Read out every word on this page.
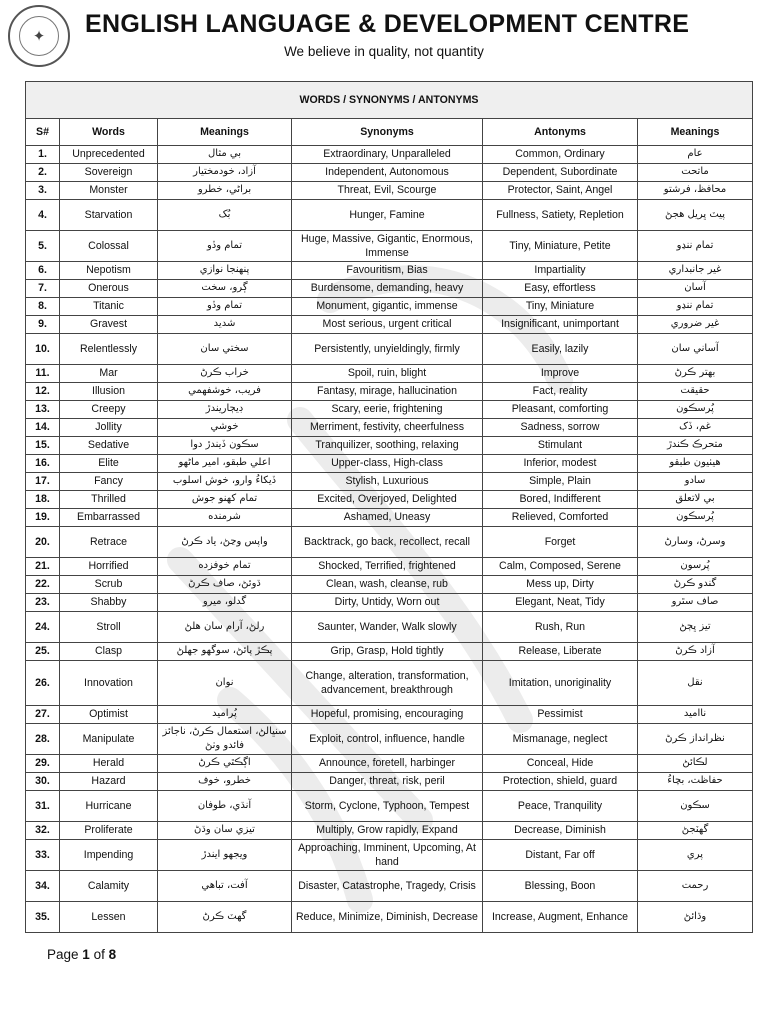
✦	ENGLISH LANGUAGE & DEVELOPMENT CENTRE
We believe in quality, not quantity
WORDS / SYNONYMS / ANTONYMS					
S#	Words	Meanings	Synonyms	Antonyms	Meanings
1.	Unprecedented	بي مثال	Extraordinary, Unparalleled	Common, Ordinary	عام
2.	Sovereign	آزاد، خودمختيار	Independent, Autonomous	Dependent, Subordinate	ماتحت
3.	Monster	براڻي، خطرو	Threat, Evil, Scourge	Protector, Saint, Angel	محافظ، فرشتو
4.	Starvation	بُک	Hunger, Famine	Fullness, Satiety, Repletion	پيٽ ڀريل هجڻ
5.	Colossal	تمام وڏو	Huge, Massive, Gigantic, Enormous, Immense	Tiny, Miniature, Petite	تمام ننڍو
6.	Nepotism	پنهنجا نوازي	Favouritism, Bias	Impartiality	غير جانبداري
7.	Onerous	ڳرو، سخت	Burdensome, demanding, heavy	Easy, effortless	آسان
8.	Titanic	تمام وڏو	Monument, gigantic, immense	Tiny, Miniature	تمام ننڍو
9.	Gravest	شديد	Most serious, urgent critical	Insignificant, unimportant	غير ضروري
10.	Relentlessly	سختي سان	Persistently, unyieldingly, firmly	Easily, lazily	آساني سان
11.	Mar	خراب ڪرڻ	Spoil, ruin, blight	Improve	بهتر ڪرڻ
12.	Illusion	فريب، خوشفهمي	Fantasy, mirage, hallucination	Fact, reality	حقيقت
13.	Creepy	ڊيڄاريندڙ	Scary, eerie, frightening	Pleasant, comforting	پُرسڪون
14.	Jollity	خوشي	Merriment, festivity, cheerfulness	Sadness, sorrow	غم، ڏک
15.	Sedative	سڪون ڏيندڙ دوا	Tranquilizer, soothing, relaxing	Stimulant	متحرڪ ڪندڙ
16.	Elite	اعلي طبقو، امير ماڻهو	Upper-class, High-class	Inferior, modest	هيٺيون طبقو
17.	Fancy	ڏيکاءُ وارو، خوش اسلوب	Stylish, Luxurious	Simple, Plain	سادو
18.	Thrilled	تمام کهنو جوش	Excited, Overjoyed, Delighted	Bored, Indifferent	بي لاتعلق
19.	Embarrassed	شرمنده	Ashamed, Uneasy	Relieved, Comforted	پُرسڪون
20.	Retrace	واپس وڃڻ، ياد ڪرڻ	Backtrack, go back, recollect, recall	Forget	وسرڻ، وسارڻ
21.	Horrified	تمام خوفزده	Shocked, Terrified, frightened	Calm, Composed, Serene	پُرسون
22.	Scrub	ڌوئڻ، صاف ڪرڻ	Clean, wash, cleanse, rub	Mess up, Dirty	گندو ڪرڻ
23.	Shabby	گدلو، ميرو	Dirty, Untidy, Worn out	Elegant, Neat, Tidy	صاف سٿرو
24.	Stroll	رلڻ، آرام سان هلڻ	Saunter, Wander, Walk slowly	Rush, Run	تيز ڀڄڻ
25.	Clasp	پڪڙ پائڻ، سوگهو جهلڻ	Grip, Grasp, Hold tightly	Release, Liberate	آزاد ڪرڻ
26.	Innovation	نوان	Change, alteration, transformation, advancement, breakthrough	Imitation, unoriginality	نقل
27.	Optimist	پُراميد	Hopeful, promising, encouraging	Pessimist	نااميد
28.	Manipulate	سنڀالڻ، استعمال ڪرڻ، ناجائز فائدو وٺڻ	Exploit, control, influence, handle	Mismanage, neglect	نظرانداز ڪرڻ
29.	Herald	اڳڪٿي ڪرڻ	Announce, foretell, harbinger	Conceal, Hide	لڪائڻ
30.	Hazard	خطرو، خوف	Danger, threat, risk, peril	Protection, shield, guard	حفاظت، بچاءُ
31.	Hurricane	آنڌي، طوفان	Storm, Cyclone, Typhoon, Tempest	Peace, Tranquility	سڪون
32.	Proliferate	تيزي سان وڌڻ	Multiply, Grow rapidly, Expand	Decrease, Diminish	گهٽجڻ
33.	Impending	ويجهو ايندڙ	Approaching, Imminent, Upcoming, At hand	Distant, Far off	پري
34.	Calamity	آفت، تباهي	Disaster, Catastrophe, Tragedy, Crisis	Blessing, Boon	رحمت
35.	Lessen	گهٽ ڪرڻ	Reduce, Minimize, Diminish, Decrease	Increase, Augment, Enhance	وڌائڻ
Page 1 of 8
